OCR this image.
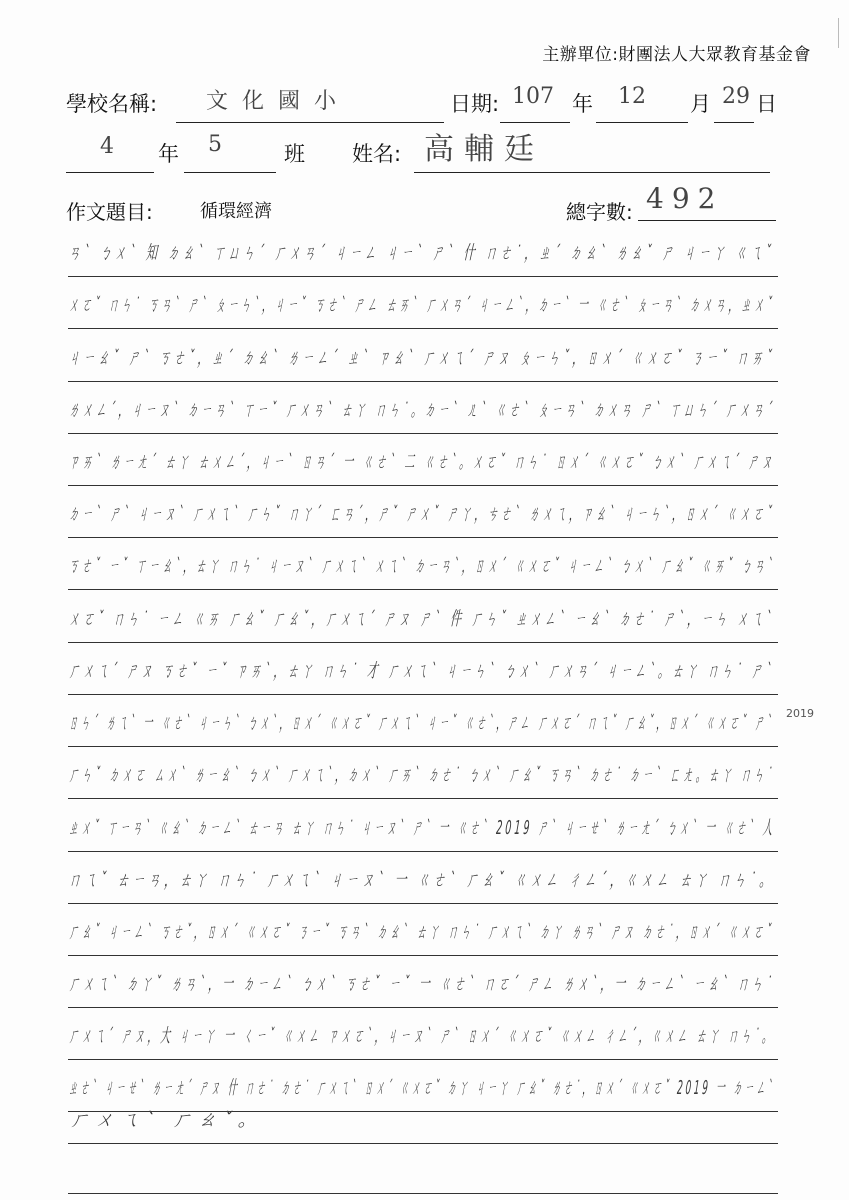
主辦單位:財團法人大眾教育基金會
學校名稱: 文化國小	日期: 107 年 12 月 29 日
4 年 5	班 姓名: 高輔廷
作文題目:	循環經濟	總字數: 492
ㄢˋ ㄅㄨˋ 知 ㄉㄠˋ ㄒㄩㄣˊ ㄏㄨㄢˊ ㄐㄧㄥ ㄐㄧˋ ㄕˋ 什 ㄇㄜ˙，ㄓˊ ㄉㄠˋ ㄌㄠˇ ㄕ ㄐㄧㄚ ㄍㄟˇ
ㄨㄛˇ ㄇㄣ˙ ㄎㄢˋ ㄕˋ ㄆㄧㄣˋ，ㄐㄧˇ ㄎㄜˋ ㄕㄥ ㄊㄞˋ ㄏㄨㄢˊ ㄐㄧㄥˋ，ㄉㄧˋ 一 ㄍㄜˋ ㄆㄧㄢˋ ㄉㄨㄢ，ㄓㄨˇ
ㄐㄧㄠˇ ㄕˋ ㄎㄜˇ，ㄓˊ ㄉㄠˋ ㄌㄧㄥˊ ㄓˋ ㄗㄠˋ ㄏㄨㄟˊ ㄕㄡ ㄆㄧㄣˇ，ㄖㄨˊ ㄍㄨㄛˇ ㄋㄧˇ ㄇㄞˇ
ㄌㄨㄥˊ，ㄐㄧㄡˋ ㄉㄧㄢˋ ㄒㄧˇ ㄏㄨㄢˋ ㄊㄚ ㄇㄣ˙。ㄉㄧˋ ㄦˋ ㄍㄜˋ ㄆㄧㄢˋ ㄉㄨㄢ ㄕˋ ㄒㄩㄣˊ ㄏㄨㄢˊ
ㄗㄞˋ ㄌㄧㄤˊ ㄊㄚ ㄊㄨㄥˊ，ㄐㄧˋ ㄖㄢˊ 一 ㄍㄜˋ 二 ㄍㄜˋ。ㄨㄛˇ ㄇㄣ˙ ㄖㄨˊ ㄍㄨㄛˇ ㄅㄨˋ ㄏㄨㄟˊ ㄕㄡ
ㄉㄧˋ ㄕˋ ㄐㄧㄡˋ ㄏㄨㄟˋ ㄏㄣˇ ㄇㄚˊ ㄈㄢˊ，ㄕˇ ㄕㄨˇ ㄕㄚ，ㄘㄜˋ ㄌㄨㄟ，ㄗㄠˋ ㄐㄧㄣˋ，ㄖㄨˊ ㄍㄨㄛˇ
ㄎㄜˇ ㄧˇ ㄒㄧㄠˋ，ㄊㄚ ㄇㄣ˙ ㄐㄧㄡˋ ㄏㄨㄟˋ ㄨㄟˋ ㄉㄧㄢˋ，ㄖㄨˊ ㄍㄨㄛˇ ㄐㄧㄥˋ ㄅㄨˋ ㄏㄠˇ ㄍㄞˇ ㄅㄢˋ
ㄨㄛˇ ㄇㄣ˙ ㄧㄥ ㄍㄞ ㄏㄠˇ ㄏㄠˇ，ㄏㄨㄟˊ ㄕㄡ ㄕˋ 件 ㄏㄣˇ ㄓㄨㄥˋ ㄧㄠˋ ㄉㄜ˙ ㄕˋ，ㄧㄣ ㄨㄟˋ
ㄏㄨㄟˊ ㄕㄡ ㄎㄜˇ ㄧˇ ㄗㄞˋ，ㄊㄚ ㄇㄣ˙ 才 ㄏㄨㄟˋ ㄐㄧㄣˋ ㄅㄨˋ ㄏㄨㄢˊ ㄐㄧㄥˋ。ㄊㄚ ㄇㄣ˙ ㄕˋ
ㄖㄣˊ ㄌㄟˋ 一 ㄍㄜˋ ㄐㄧㄣˋ ㄅㄨˋ，ㄖㄨˊ ㄍㄨㄛˇ ㄏㄨㄟˋ ㄐㄧˇ ㄍㄜˋ，ㄕㄥ ㄏㄨㄛˊ ㄇㄟˇ ㄏㄠˇ，ㄖㄨˊ ㄍㄨㄛˇ ㄕˋ
ㄏㄣˇ ㄉㄨㄛ ㄙㄨˋ ㄌㄧㄠˋ ㄅㄨˋ ㄏㄨㄟˋ，ㄉㄨˋ ㄏㄞˋ ㄉㄜ˙ ㄅㄨˋ ㄏㄠˇ ㄎㄢˋ ㄉㄜ˙ ㄉㄧˋ ㄈㄤ。ㄊㄚ ㄇㄣ˙
ㄓㄨˇ ㄒㄧㄢˋ ㄍㄠˋ ㄉㄧㄥˋ ㄊㄧㄢ ㄊㄚ ㄇㄣ˙ ㄐㄧㄡˋ ㄕˋ 一 ㄍㄜˋ 2019 ㄕˋ ㄐㄧㄝˋ ㄌㄧㄤˊ ㄅㄨˋ 一 ㄍㄜˋ 人
ㄇㄟˇ ㄊㄧㄢ，ㄊㄚ ㄇㄣ˙ ㄏㄨㄟˋ ㄐㄧㄡˋ 一 ㄍㄜˋ ㄏㄠˇ ㄍㄨㄥ ㄔㄥˊ，ㄍㄨㄥ ㄊㄚ ㄇㄣ˙。
ㄏㄠˇ ㄐㄧㄥˋ ㄎㄜˇ，ㄖㄨˊ ㄍㄨㄛˇ ㄋㄧˇ ㄎㄢˋ ㄉㄠˋ ㄊㄚ ㄇㄣ˙ ㄏㄨㄟˋ ㄉㄚ ㄌㄢˋ ㄕㄡ ㄉㄜ˙，ㄖㄨˊ ㄍㄨㄛˇ
ㄏㄨㄟˋ ㄉㄚˇ ㄌㄢˋ，一 ㄉㄧㄥˋ ㄅㄨˋ ㄎㄜˇ ㄧˇ 一 ㄍㄜˋ ㄇㄛˊ ㄕㄥ ㄌㄨˋ，一 ㄉㄧㄥˋ ㄧㄠˋ ㄇㄣ˙
ㄏㄨㄟˊ ㄕㄡ，大 ㄐㄧㄚ 一 ㄑㄧˇ ㄍㄨㄥ ㄗㄨㄛˋ，ㄐㄧㄡˋ ㄕˋ ㄖㄨˊ ㄍㄨㄛˇ ㄍㄨㄥ ㄔㄥˊ，ㄍㄨㄥ ㄊㄚ ㄇㄣ˙。
ㄓㄜˋ ㄐㄧㄝˋ ㄌㄧㄤˊ ㄕㄡ 什 ㄇㄜ˙ ㄉㄜ˙ ㄏㄨㄟˋ ㄖㄨˊ ㄍㄨㄛˇ ㄉㄚ ㄐㄧㄚ ㄏㄠˇ ㄌㄜ˙，ㄖㄨˊ ㄍㄨㄛˇ 2019 一 ㄉㄧㄥˋ
ㄏㄨㄟˋ ㄏㄠˇ。
2019
